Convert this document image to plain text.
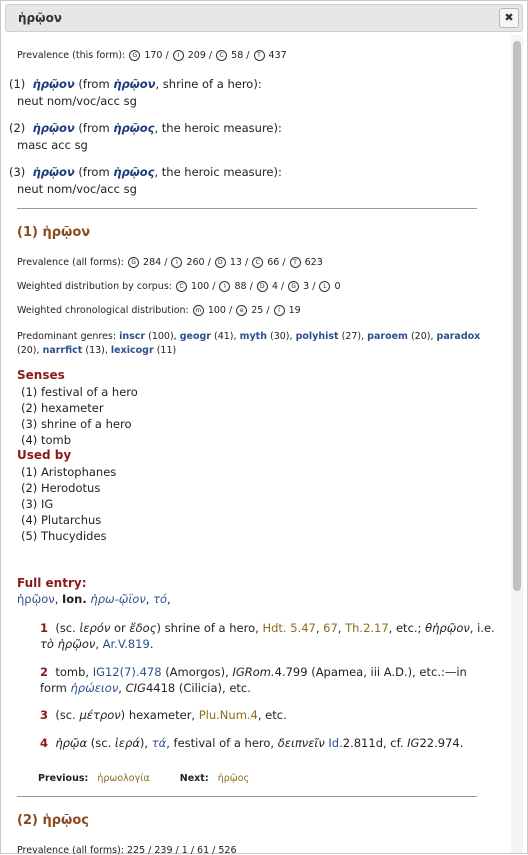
ἡρῷον	✖
Prevalence (this form): G 170 / I 209 / C 58 / T 437
(1) ἡρῷον (from ἡρῷον, shrine of a hero):
neut nom/voc/acc sg
(2) ἡρῷον (from ἡρῷος, the heroic measure):
masc acc sg
(3) ἡρῷον (from ἡρῷος, the heroic measure):
neut nom/voc/acc sg
(1) ἡρῷον
Prevalence (all forms): G 284 / I 260 / D 13 / C 66 / T 623
Weighted distribution by corpus: C 100 / I 88 / D 4 / G 3 / L 0
Weighted chronological distribution: m 100 / e 25 / l 19
Predominant genres: inscr (100), geogr (41), myth (30), polyhist (27), paroem (20), paradox (20), narrfict (13), lexicogr (11)
Senses
(1) festival of a hero
(2) hexameter
(3) shrine of a hero
(4) tomb
Used by
(1) Aristophanes
(2) Herodotus
(3) IG
(4) Plutarchus
(5) Thucydides
Full entry:
ἡρῷον, Ion. ἡρω-ῷϊον, τό,
1 (sc. ἱερόν or ἔδος) shrine of a hero, Hdt. 5.47, 67, Th.2.17, etc.; θἠρῷον, i.e. τὸ ἡρῷον, Ar.V.819.
2 tomb, IG12(7).478 (Amorgos), IGRom.4.799 (Apamea, iii A.D.), etc.:—in form ἡρώειον, CIG4418 (Cilicia), etc.
3 (sc. μέτρον) hexameter, Plu.Num.4, etc.
4 ἡρῷα (sc. ἱερά), τά, festival of a hero, δειπνεῖν Id.2.811d, cf. IG22.974.
Previous: ἡρωολογία	Next: ἡρῷος
(2) ἡρῷος
Prevalence (all forms): 225 / 239 / 1 / 61 / 526
